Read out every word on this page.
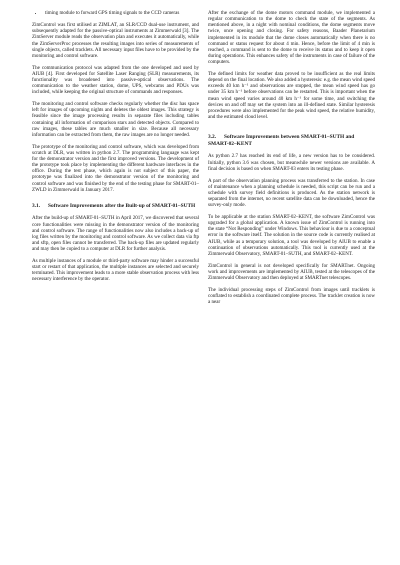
• timing module to forward GPS timing signals to the CCD cameras

ZimControl was first utilised at ZIMLAT, an SLR/CCD dual-use instrument, and subsequently adapted for the passive-optical instruments at Zimmerwald [3]. The ZimServer module reads the observation plan and executes it automatically, while the ZimServerProc processes the resulting images into series of measurements of single objects, called tracklets. All necessary input files have to be provided by the monitoring and control software.

The communication protocol was adapted from the one developed and used by AIUB [4]. First developed for Satellite Laser Ranging (SLR) measurements, its functionality was broadened into passive-optical observations. The communication to the weather station, dome, UPS, webcams and PDUs was included, while keeping the original structure of commands and responses.

The monitoring and control software checks regularly whether the disc has space left for images of upcoming nights and deletes the oldest images. This strategy is feasible since the image processing results in separate files including tables containing all information of comparison stars and detected objects. Compared to raw images, these tables are much smaller in size. Because all necessary information can be extracted from them, the raw images are no longer needed.

The prototype of the monitoring and control software, which was developed from scratch at DLR, was written in python 2.7. The programming language was kept for the demonstrator version and the first improved versions. The development of the prototype took place by implementing the different hardware interfaces in the office. During the test phase, which again is not subject of this paper, the prototype was finalized into the demonstrator version of the monitoring and control software and was finished by the end of the testing phase for SMART-01–ZWLD in Zimmerwald in January 2017.

3.1. Software Improvements after the Built-up of SMART-01–SUTH

After the build-up of SMART-01–SUTH in April 2017, we discovered that several core functionalities were missing in the demonstrator version of the monitoring and control software. The range of functionalities now also includes a back-up of log files written by the monitoring and control software. As we collect data via ftp and sftp, open files cannot be transferred. The back-up files are updated regularly and may then be copied to a computer at DLR for further analysis.

As multiple instances of a module or third-party software may hinder a successful start or restart of that application, the multiple instances are selected and securely terminated. This improvement leads to a more stable observation process with less necessary interference by the operator.

After the exchange of the dome motors command module, we implemented a regular communication to the dome to check the state of the segments. As mentioned above, in a night with nominal conditions, the dome segments move twice, once opening and closing. For safety reasons, Baader Planetarium implemented in its module that the dome closes automatically when there is no command or status request for about 4 min. Hence, before the limit of 4 min is reached, a command is sent to the dome to receive its status and to keep it open during operations. This enhances safety of the instruments in case of failure of the computers.

The defined limits for weather data proved to be insufficient as the real limits depend on the final location. We also added a hysteresis: e.g. the mean wind speed exceeds 40 km h⁻¹ and observations are stopped, the mean wind speed has go under 35 km h⁻¹ before observations can be restarted. This is important when the mean wind speed varies around 40 km h⁻¹ for some time, and switching the devices on and off may set the system into an ill-defined state. Similar hysteresis procedures were also implemented for the peak wind speed, the relative humidity, and the estimated cloud level.

3.2. Software Improvements between SMART-01–SUTH and SMART-02–KENT

As python 2.7 has reached its end of life, a new version has to be considered. Initially, python 3.6 was chosen, but meanwhile newer versions are available. A final decision is based on when SMART-03 enters its testing phase.

A part of the observation planning process was transferred to the station. In case of maintenance when a planning schedule is needed, this script can be run and a schedule with survey field definitions is produced. As the station network is separated from the internet, no recent satellite data can be downloaded, hence the survey-only mode.

To be applicable at the station SMART-02–KENT, the software ZimControl was upgraded for a global application. A known issue of ZimControl is running into the state “Not Responding” under Windows. This behaviour is due to a conceptual error in the software itself. The solution in the source code is currently realised at AIUB, while as a temporary solution, a tool was developed by AIUB to enable a continuation of observations automatically. This tool is currently used at the Zimmerwald Observatory, SMART-01–SUTH, and SMART-02–KENT.

ZimControl in general is not developed specifically for SMARTnet. Ongoing work and improvements are implemented by AIUB, tested at the telescopes of the Zimmerwald Observatory and then deployed at SMARTnet telescopes.

The individual processing steps of ZimControl from images until tracklets is conflated to establish a coordinated complete process. The tracklet creation is now a near
